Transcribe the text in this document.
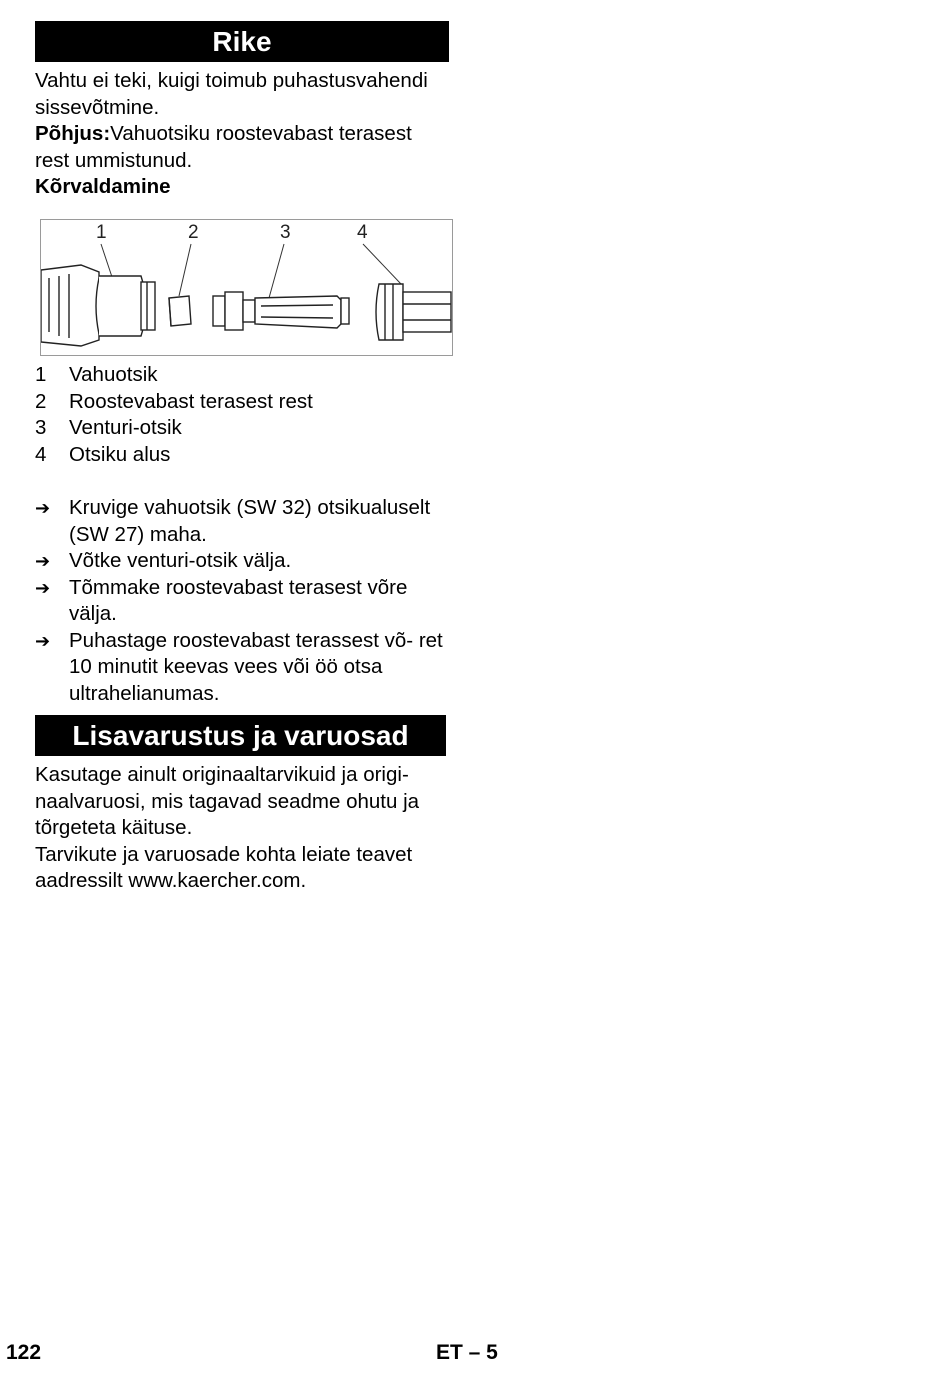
Rike

Vahtu ei teki, kuigi toimub puhastusvahendi sissevõtmine.

Põhjus:Vahuotsiku roostevabast terasest rest ummistunud.

Kõrvaldamine

1	2	3	4
1	Vahuotsik
2	Roostevabast terasest rest
3	Venturi-otsik
4	Otsiku alus
➔ Kruvige vahuotsik (SW 32) otsikualuselt (SW 27) maha.
➔ Võtke venturi-otsik välja.
➔ Tõmmake roostevabast terasest võre välja.
➔ Puhastage roostevabast terassest võ- ret 10 minutit keevas vees või öö otsa ultrahelianumas.
Lisavarustus ja varuosad

Kasutage ainult originaaltarvikuid ja origi- naalvaruosi, mis tagavad seadme ohutu ja tõrgeteta käituse.

Tarvikute ja varuosade kohta leiate teavet aadressilt www.kaercher.com.

122	ET – 5
